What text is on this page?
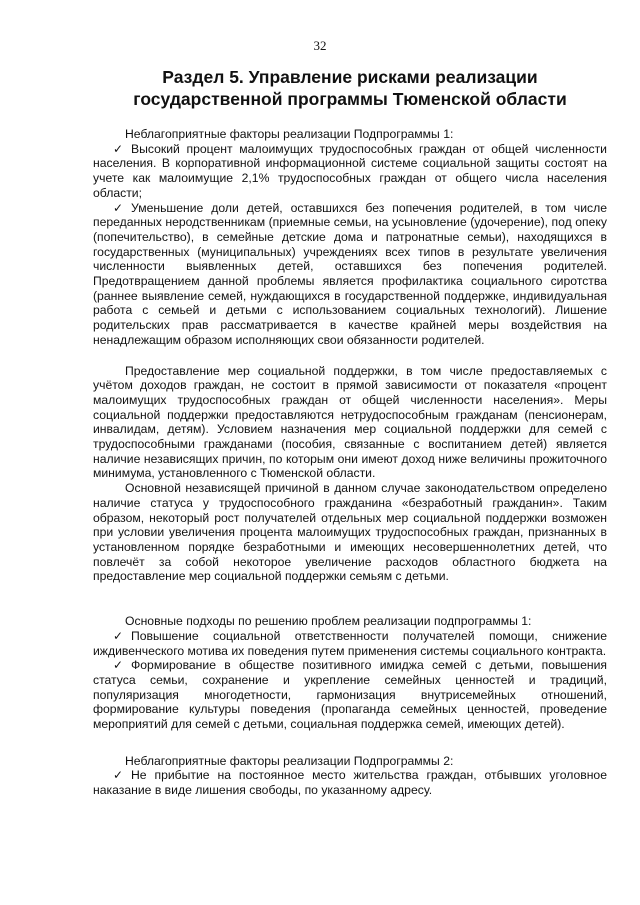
32
Раздел 5. Управление рисками реализации государственной программы Тюменской области

Неблагоприятные факторы реализации Подпрограммы 1:

✓ Высокий процент малоимущих трудоспособных граждан от общей численности населения. В корпоративной информационной системе социальной защиты состоят на учете как малоимущие 2,1% трудоспособных граждан от общего числа населения области;

✓ Уменьшение доли детей, оставшихся без попечения родителей, в том числе переданных неродственникам (приемные семьи, на усыновление (удочерение), под опеку (попечительство), в семейные детские дома и патронатные семьи), находящихся в государственных (муниципальных) учреждениях всех типов в результате увеличения численности выявленных детей, оставшихся без попечения родителей. Предотвращением данной проблемы является профилактика социального сиротства (раннее выявление семей, нуждающихся в государственной поддержке, индивидуальная работа с семьей и детьми с использованием социальных технологий). Лишение родительских прав рассматривается в качестве крайней меры воздействия на ненадлежащим образом исполняющих свои обязанности родителей.

Предоставление мер социальной поддержки, в том числе предоставляемых с учётом доходов граждан, не состоит в прямой зависимости от показателя «процент малоимущих трудоспособных граждан от общей численности населения». Меры социальной поддержки предоставляются нетрудоспособным гражданам (пенсионерам, инвалидам, детям). Условием назначения мер социальной поддержки для семей с трудоспособными гражданами (пособия, связанные с воспитанием детей) является наличие независящих причин, по которым они имеют доход ниже величины прожиточного минимума, установленного с Тюменской области.

Основной независящей причиной в данном случае законодательством определено наличие статуса у трудоспособного гражданина «безработный гражданин». Таким образом, некоторый рост получателей отдельных мер социальной поддержки возможен при условии увеличения процента малоимущих трудоспособных граждан, признанных в установленном порядке безработными и имеющих несовершеннолетних детей, что повлечёт за собой некоторое увеличение расходов областного бюджета на предоставление мер социальной поддержки семьям с детьми.

Основные подходы по решению проблем реализации подпрограммы 1:

✓ Повышение социальной ответственности получателей помощи, снижение иждивенческого мотива их поведения путем применения системы социального контракта.

✓ Формирование в обществе позитивного имиджа семей с детьми, повышения статуса семьи, сохранение и укрепление семейных ценностей и традиций, популяризация многодетности, гармонизация внутрисемейных отношений, формирование культуры поведения (пропаганда семейных ценностей, проведение мероприятий для семей с детьми, социальная поддержка семей, имеющих детей).

Неблагоприятные факторы реализации Подпрограммы 2:

✓ Не прибытие на постоянное место жительства граждан, отбывших уголовное наказание в виде лишения свободы, по указанному адресу.
